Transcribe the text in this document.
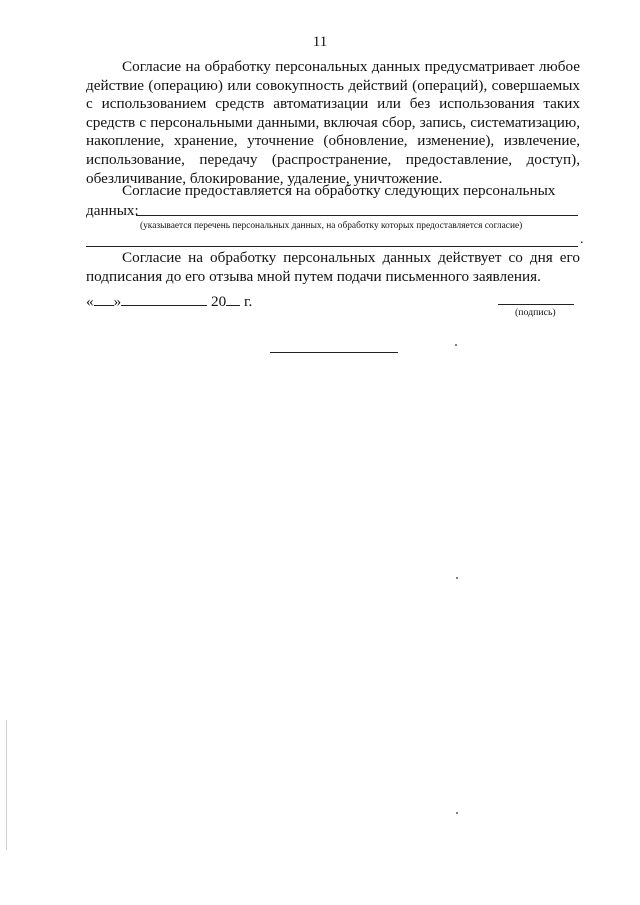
11
Согласие на обработку персональных данных предусматривает любое действие (операцию) или совокупность действий (операций), совершаемых с использованием средств автоматизации или без использования таких средств с персональными данными, включая сбор, запись, систематизацию, накопление, хранение, уточнение (обновление, изменение), извлечение, использование, передачу (распространение, предоставление, доступ), обезличивание, блокирование, удаление, уничтожение.
Согласие предоставляется на обработку следующих персональных
данных:
(указывается перечень персональных данных, на обработку которых предоставляется согласие)
.
Согласие на обработку персональных данных действует со дня его подписания до его отзыва мной путем подачи письменного заявления.
« »	20 г.
(подпись)
